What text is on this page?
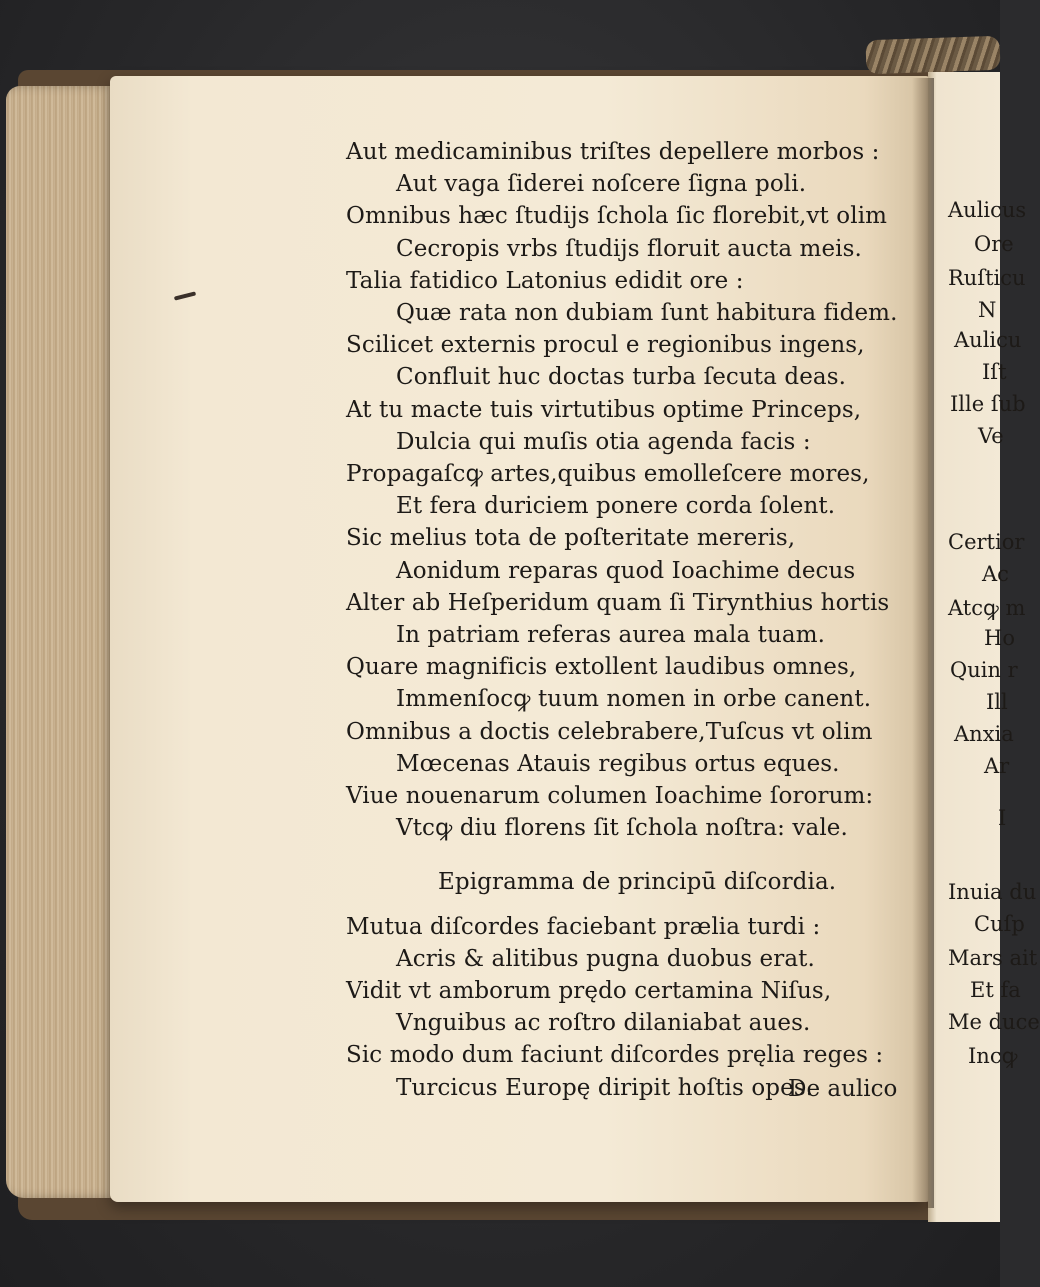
Aut medicaminibus triſtes depellere morbos :
Aut vaga ſiderei noſcere ſigna poli.
Omnibus hæc ſtudijs ſchola ſic florebit,vt olim
Cecropis vrbs ſtudijs floruit aucta meis.
Talia fatidico Latonius edidit ore :
Quæ rata non dubiam ſunt habitura fidem.
Scilicet externis procul e regionibus ingens,
Confluit huc doctas turba ſecuta deas.
At tu macte tuis virtutibus optime Princeps,
Dulcia qui muſis otia agenda facis :
Propagaſcꝙ artes,quibus emolleſcere mores,
Et fera duriciem ponere corda ſolent.
Sic melius tota de poſteritate mereris,
Aonidum reparas quod Ioachime decus
Alter ab Heſperidum quam ſi Tirynthius hortis
In patriam referas aurea mala tuam.
Quare magnificis extollent laudibus omnes,
Immenſocꝙ tuum nomen in orbe canent.
Omnibus a doctis celebrabere,Tuſcus vt olim
Mœcenas Atauis regibus ortus eques.
Viue nouenarum columen Ioachime ſororum:
Vtcꝙ diu florens ſit ſchola noſtra: vale.
Epigramma de principū diſcordia.
Mutua diſcordes faciebant prælia turdi :
Acris & alitibus pugna duobus erat.
Vidit vt amborum prędo certamina Niſus,
Vnguibus ac roſtro dilaniabat aues.
Sic modo dum faciunt diſcordes pręlia reges :
Turcicus Europę diripit hoſtis opes.
De aulico
Aulicus
Ore
Ruſticu
N
Aulicu
Iſt
Ille ſub
Ve
Certior
Ac
Atcꝙ m
Ho
Quin r
Ill
Anxia
Ar
I
Inuia du
Cuſp
Mars ait
Et fa
Me duce
Incꝙ
